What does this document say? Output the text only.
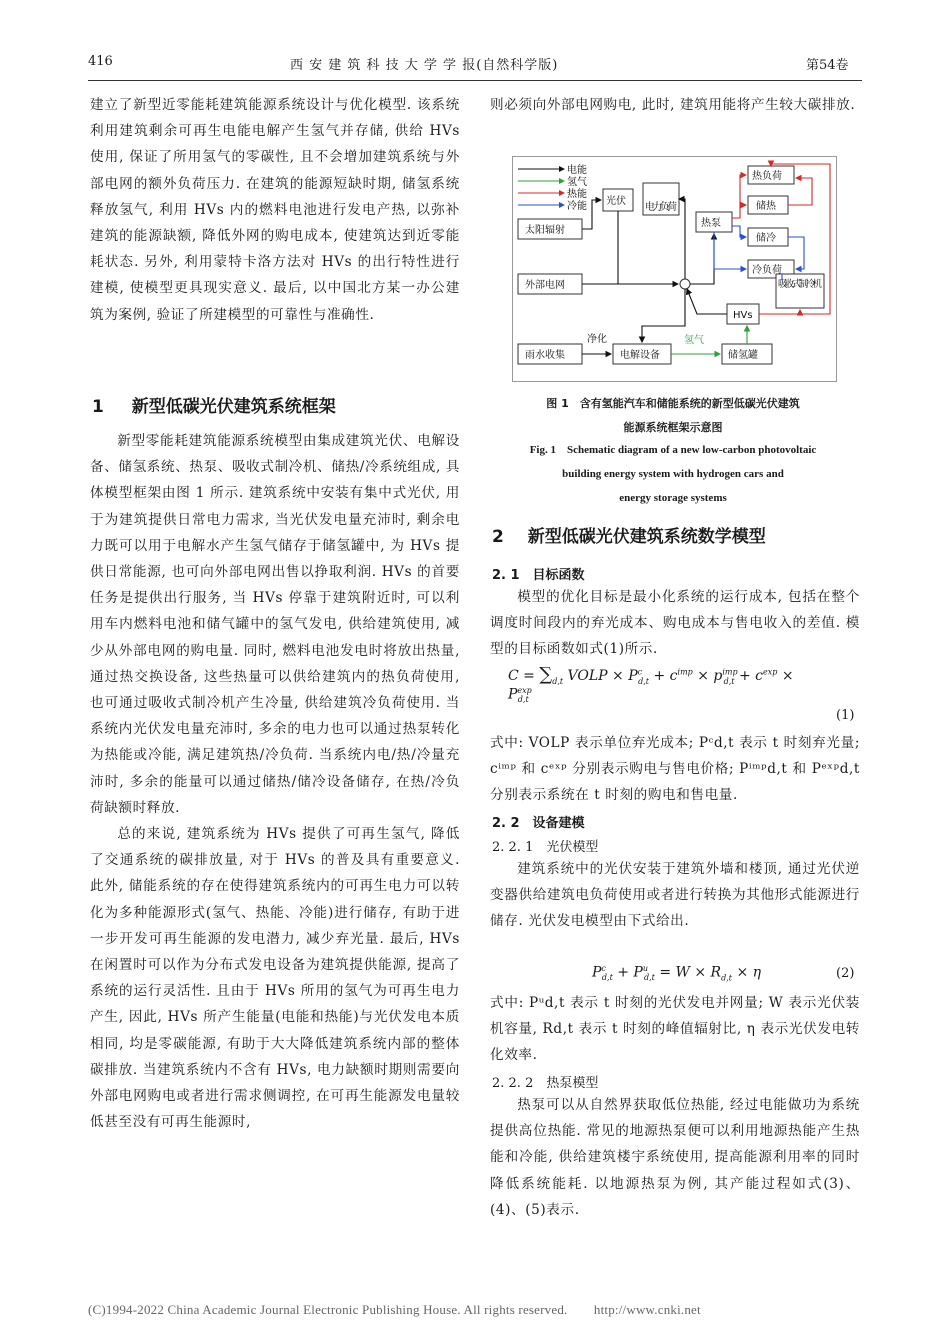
416	西 安 建 筑 科 技 大 学 学 报(自然科学版)	第54卷

建立了新型近零能耗建筑能源系统设计与优化模型. 该系统利用建筑剩余可再生电能电解产生氢气并存储, 供给 HVs 使用, 保证了所用氢气的零碳性, 且不会增加建筑系统与外部电网的额外负荷压力. 在建筑的能源短缺时期, 储氢系统释放氢气, 利用 HVs 内的燃料电池进行发电产热, 以弥补建筑的能源缺额, 降低外网的购电成本, 使建筑达到近零能耗状态. 另外, 利用蒙特卡洛方法对 HVs 的出行特性进行建模, 使模型更具现实意义. 最后, 以中国北方某一办公建筑为案例, 验证了所建模型的可靠性与准确性.

1 新型低碳光伏建筑系统框架

新型零能耗建筑能源系统模型由集成建筑光伏、电解设备、储氢系统、热泵、吸收式制冷机、储热/冷系统组成, 具体模型框架由图 1 所示. 建筑系统中安装有集中式光伏, 用于为建筑提供日常电力需求, 当光伏发电量充沛时, 剩余电力既可以用于电解水产生氢气储存于储氢罐中, 为 HVs 提供日常能源, 也可向外部电网出售以挣取利润. HVs 的首要任务是提供出行服务, 当 HVs 停靠于建筑附近时, 可以利用车内燃料电池和储气罐中的氢气发电, 供给建筑使用, 减少从外部电网的购电量. 同时, 燃料电池发电时将放出热量, 通过热交换设备, 这些热量可以供给建筑内的热负荷使用, 也可通过吸收式制冷机产生冷量, 供给建筑冷负荷使用. 当系统内光伏发电量充沛时, 多余的电力也可以通过热泵转化为热能或冷能, 满足建筑热/冷负荷. 当系统内电/热/冷量充沛时, 多余的能量可以通过储热/储冷设备储存, 在热/冷负荷缺额时释放.

总的来说, 建筑系统为 HVs 提供了可再生氢气, 降低了交通系统的碳排放量, 对于 HVs 的普及具有重要意义. 此外, 储能系统的存在使得建筑系统内的可再生电力可以转化为多种能源形式(氢气、热能、冷能)进行储存, 有助于进一步开发可再生能源的发电潜力, 减少弃光量. 最后, HVs 在闲置时可以作为分布式发电设备为建筑提供能源, 提高了系统的运行灵活性. 且由于 HVs 所用的氢气为可再生电力产生, 因此, HVs 所产生能量(电能和热能)与光伏发电本质相同, 均是零碳能源, 有助于大大降低建筑系统内部的整体碳排放. 当建筑系统内不含有 HVs, 电力缺额时期则需要向外部电网购电或者进行需求侧调控, 在可再生能源发电量较低甚至没有可再生能源时,

则必须向外部电网购电, 此时, 建筑用能将产生较大碳排放.

电能
氢气
热能
冷能
太阳辐射
外部电网
雨水收集
光伏
电力负荷
热泵
热负荷
储热
储冷
冷负荷
吸收式制冷机
HVs
电解设备	储氢罐
净化	氢气
图 1　含有氢能汽车和储能系统的新型低碳光伏建筑
能源系统框架示意图
Fig. 1　Schematic diagram of a new low-carbon photovoltaic
building energy system with hydrogen cars and
energy storage systems
2 新型低碳光伏建筑系统数学模型
2. 1　目标函数

模型的优化目标是最小化系统的运行成本, 包括在整个调度时间段内的弃光成本、购电成本与售电收入的差值. 模型的目标函数如式(1)所示.

$C = \sum_{d,t}$ VOLP × $P^c_{d,t} + c^{imp} \times p^{imp}_{d,t} + c^{exp} \times P^{exp}_{d,t}$
(1)

式中: VOLP 表示单位弃光成本; Pᶜd,t 表示 t 时刻弃光量; cⁱᵐᵖ 和 cᵉˣᵖ 分别表示购电与售电价格; Pⁱᵐᵖd,t 和 Pᵉˣᵖd,t 分别表示系统在 t 时刻的购电和售电量.

2. 2　设备建模
2. 2. 1　光伏模型

建筑系统中的光伏安装于建筑外墙和楼顶, 通过光伏逆变器供给建筑电负荷使用或者进行转换为其他形式能源进行储存. 光伏发电模型由下式给出.

$P^c_{d,t} + P^u_{d,t} = W \times R_{d,t} \times \eta$	(2)

式中: Pᵘd,t 表示 t 时刻的光伏发电并网量; W 表示光伏装机容量, Rd,t 表示 t 时刻的峰值辐射比, η 表示光伏发电转化效率.

2. 2. 2　热泵模型

热泵可以从自然界获取低位热能, 经过电能做功为系统提供高位热能. 常见的地源热泵便可以利用地源热能产生热能和冷能, 供给建筑楼宇系统使用, 提高能源利用率的同时降低系统能耗. 以地源热泵为例, 其产能过程如式(3)、(4)、(5)表示.

(C)1994-2022 China Academic Journal Electronic Publishing House. All rights reserved.　　http://www.cnki.net
